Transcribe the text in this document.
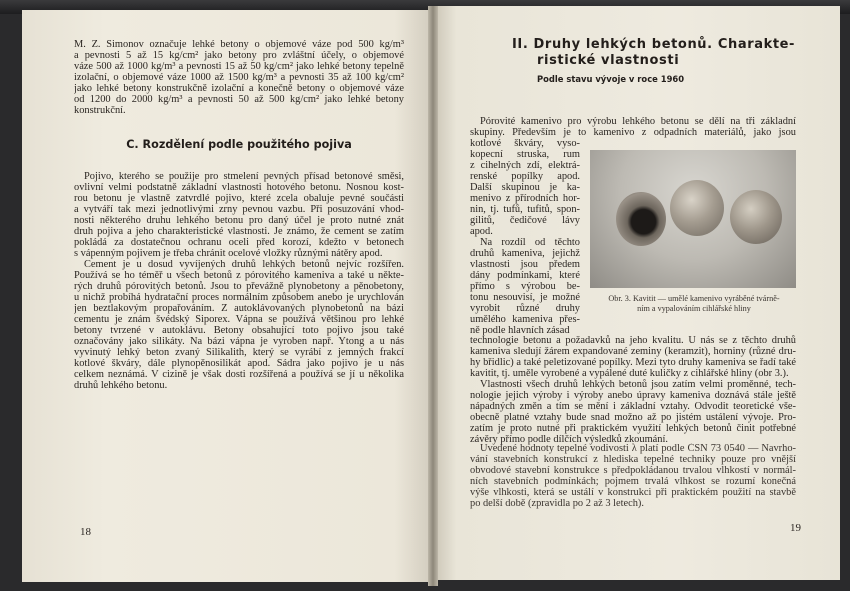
M. Z. Simonov označuje lehké betony o objemové váze pod 500 kg/m³
a pevnosti 5 až 15 kg/cm² jako betony pro zvláštní účely, o objemové
váze 500 až 1000 kg/m³ a pevnosti 15 až 50 kg/cm² jako lehké betony tepelně
izolační, o objemové váze 1000 až 1500 kg/m³ a pevnosti 35 až 100 kg/cm²
jako lehké betony konstrukčně izolační a konečně betony o objemové váze
od 1200 do 2000 kg/m³ a pevnosti 50 až 500 kg/cm² jako lehké betony
konstrukční.
C. Rozdělení podle použitého pojiva
Pojivo, kterého se použije pro stmelení pevných přísad betonové směsi,
ovlivní velmi podstatně základní vlastnosti hotového betonu. Nosnou kost-
rou betonu je vlastně zatvrdlé pojivo, které zcela obaluje pevné součásti
a vytváří tak mezi jednotlivými zrny pevnou vazbu. Při posuzování vhod-
nosti některého druhu lehkého betonu pro daný účel je proto nutné znát
druh pojiva a jeho charakteristické vlastnosti. Je známo, že cement se zatím
pokládá za dostatečnou ochranu oceli před korozí, kdežto v betonech
s vápenným pojivem je třeba chránit ocelové vložky různými nátěry apod.
Cement je u dosud vyvíjených druhů lehkých betonů nejvíc rozšířen.
Používá se ho téměř u všech betonů z pórovitého kameniva a také u někte-
rých druhů pórovitých betonů. Jsou to převážně plynobetony a pěnobetony,
u nichž probíhá hydratační proces normálním způsobem anebo je urychlován
jen beztlakovým propařováním. Z autoklávovaných plynobetonů na bázi
cementu je znám švédský Siporex. Vápna se používá většinou pro lehké
betony tvrzené v autoklávu. Betony obsahující toto pojivo jsou také
označovány jako silikáty. Na bázi vápna je vyroben např. Ytong a u nás
vyvinutý lehký beton zvaný Silikalith, který se vyrábí z jemných frakcí
kotlové škváry, dále plynopěnosilikát apod. Sádra jako pojivo je u nás
celkem neznámá. V cizině je však dosti rozšířená a používá se jí u několika
druhů lehkého betonu.
18
II. Druhy lehkých betonů. Charakte-
ristické vlastnosti
Podle stavu vývoje v roce 1960
Pórovité kamenivo pro výrobu lehkého betonu se dělí na tři základní
skupiny. Především je to kamenivo z odpadních materiálů, jako jsou
kotlové škváry, vyso-
kopecní struska, rum
z cihelných zdí, elektrá-
renské popílky apod.
Další skupinou je ka-
menivo z přírodních hor-
nin, tj. tufů, tufitů, spon-
gilitů, čedičové lávy
apod.
Na rozdíl od těchto
druhů kameniva, jejichž
vlastnosti jsou předem
dány podmínkami, které
přímo s výrobou be-
tonu nesouvisí, je možné
vyrobit různé druhy
umělého kameniva přes-
ně podle hlavních zásad
Obr. 3. Kavitit — umělé kamenivo vyráběné tvárně-
ním a vypalováním cihlářské hliny
technologie betonu a požadavků na jeho kvalitu. U nás se z těchto druhů
kameniva sledují žárem expandované zeminy (keramzit), horniny (různé dru-
hy břidlic) a také peletizované popílky. Mezi tyto druhy kameniva se řadí také
kavitit, tj. uměle vyrobené a vypálené duté kuličky z cihlářské hliny (obr 3.).
Vlastnosti všech druhů lehkých betonů jsou zatím velmi proměnné, tech-
nologie jejich výroby i výroby anebo úpravy kameniva doznává stále ještě
nápadných změn a tím se mění i základní vztahy. Odvodit teoretické vše-
obecně platné vztahy bude snad možno až po jistém ustálení vývoje. Pro-
zatím je proto nutné při praktickém využití lehkých betonů činit potřebné
závěry přímo podle dílčích výsledků zkoumání.
Uvedené hodnoty tepelné vodivosti λ platí podle ČSN 73 0540 — Navrho-
vání stavebních konstrukcí z hlediska tepelné techniky pouze pro vnější
obvodové stavební konstrukce s předpokládanou trvalou vlhkostí v normál-
ních stavebních podmínkách; pojmem trvalá vlhkost se rozumí konečná
výše vlhkosti, která se ustálí v konstrukci při praktickém použití na stavbě
po delší době (zpravidla po 2 až 3 letech).
19
